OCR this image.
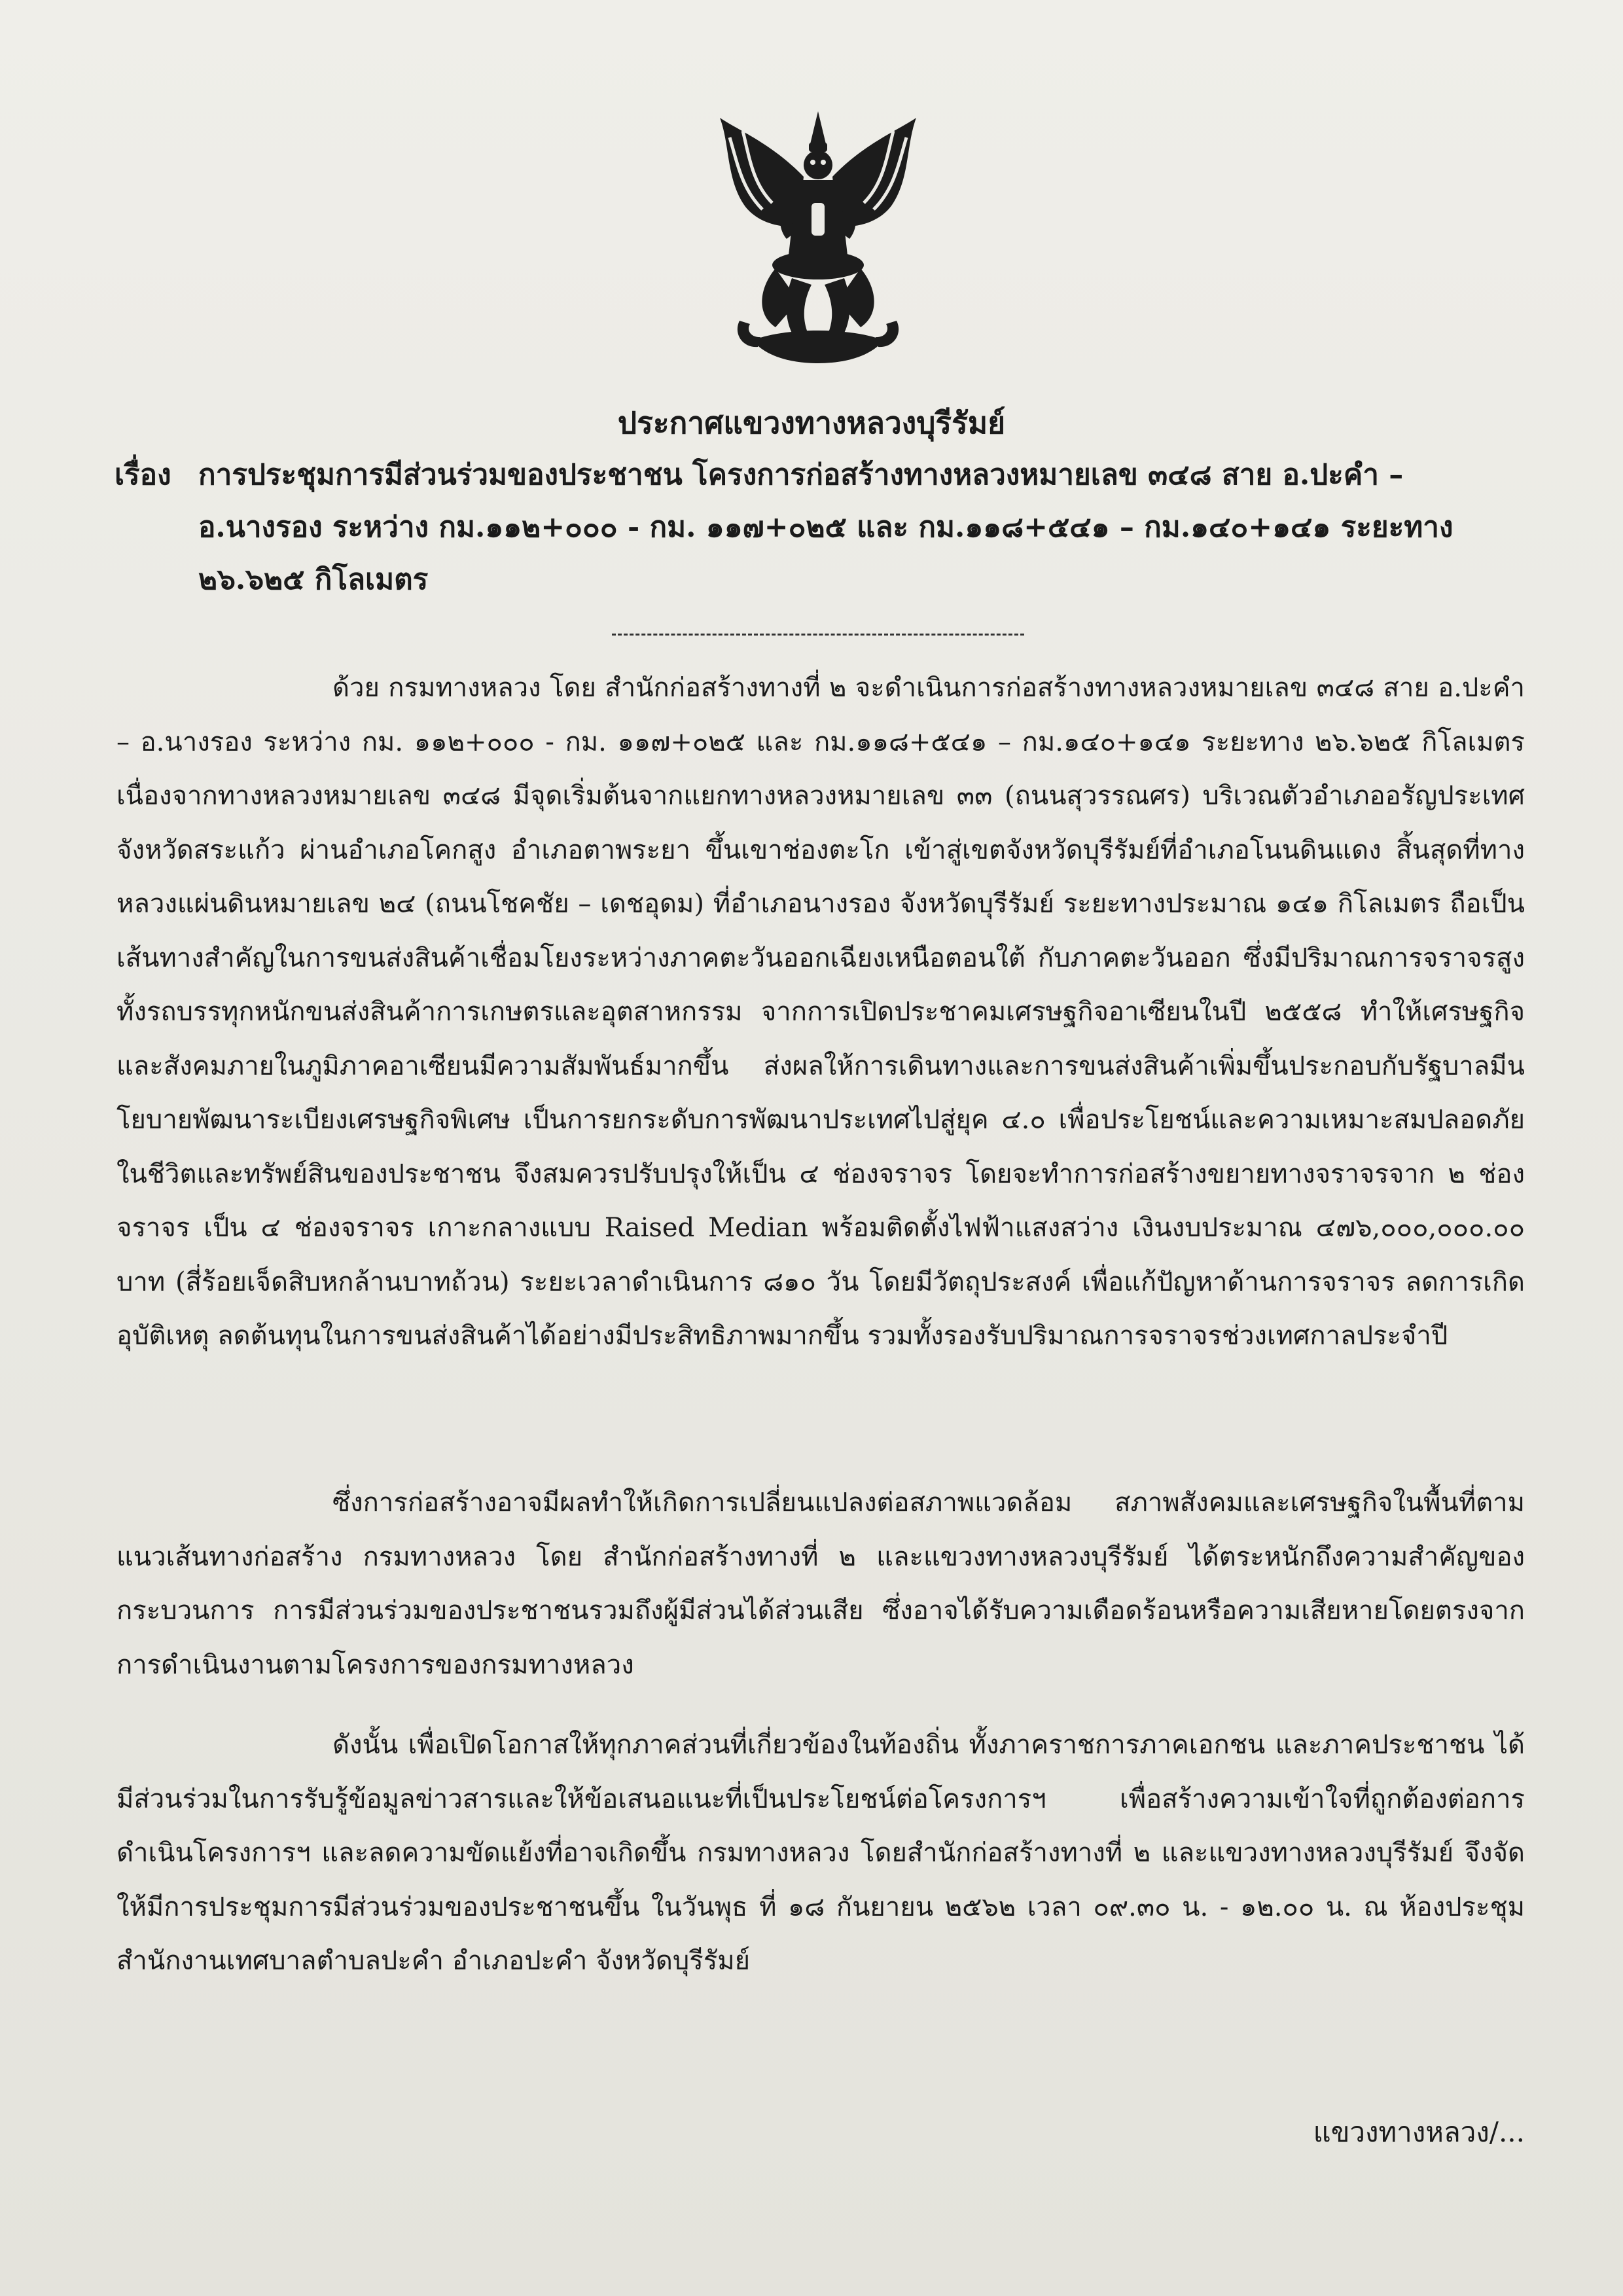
ประกาศแขวงทางหลวงบุรีรัมย์
เรื่อง การประชุมการมีส่วนร่วมของประชาชน โครงการก่อสร้างทางหลวงหมายเลข ๓๔๘ สาย อ.ปะคำ – อ.นางรอง ระหว่าง กม.๑๑๒+๐๐๐ - กม. ๑๑๗+๐๒๕ และ กม.๑๑๘+๕๔๑ – กม.๑๔๐+๑๔๑ ระยะทาง ๒๖.๖๒๕ กิโลเมตร
ด้วย กรมทางหลวง โดย สำนักก่อสร้างทางที่ ๒ จะดำเนินการก่อสร้างทางหลวงหมายเลข ๓๔๘ สาย อ.ปะคำ – อ.นางรอง ระหว่าง กม. ๑๑๒+๐๐๐ - กม. ๑๑๗+๐๒๕ และ กม.๑๑๘+๕๔๑ – กม.๑๔๐+๑๔๑ ระยะทาง ๒๖.๖๒๕ กิโลเมตร เนื่องจากทางหลวงหมายเลข ๓๔๘ มีจุดเริ่มต้นจากแยกทางหลวงหมายเลข ๓๓ (ถนนสุวรรณศร) บริเวณตัวอำเภออรัญประเทศ จังหวัดสระแก้ว ผ่านอำเภอโคกสูง อำเภอตาพระยา ขึ้นเขาช่องตะโก เข้าสู่เขตจังหวัดบุรีรัมย์ที่อำเภอโนนดินแดง สิ้นสุดที่ทางหลวงแผ่นดินหมายเลข ๒๔ (ถนนโชคชัย – เดชอุดม) ที่อำเภอนางรอง จังหวัดบุรีรัมย์ ระยะทางประมาณ ๑๔๑ กิโลเมตร ถือเป็นเส้นทางสำคัญในการขนส่งสินค้าเชื่อมโยงระหว่างภาคตะวันออกเฉียงเหนือตอนใต้ กับภาคตะวันออก ซึ่งมีปริมาณการจราจรสูง ทั้งรถบรรทุกหนักขนส่งสินค้าการเกษตรและอุตสาหกรรม จากการเปิดประชาคมเศรษฐกิจอาเซียนในปี ๒๕๕๘ ทำให้เศรษฐกิจและสังคมภายในภูมิภาคอาเซียนมีความสัมพันธ์มากขึ้น ส่งผลให้การเดินทางและการขนส่งสินค้าเพิ่มขึ้นประกอบกับรัฐบาลมีนโยบายพัฒนาระเบียงเศรษฐกิจพิเศษ เป็นการยกระดับการพัฒนาประเทศไปสู่ยุค ๔.๐ เพื่อประโยชน์และความเหมาะสมปลอดภัยในชีวิตและทรัพย์สินของประชาชน จึงสมควรปรับปรุงให้เป็น ๔ ช่องจราจร โดยจะทำการก่อสร้างขยายทางจราจรจาก ๒ ช่องจราจร เป็น ๔ ช่องจราจร เกาะกลางแบบ Raised Median พร้อมติดตั้งไฟฟ้าแสงสว่าง เงินงบประมาณ ๔๗๖,๐๐๐,๐๐๐.๐๐ บาท (สี่ร้อยเจ็ดสิบหกล้านบาทถ้วน) ระยะเวลาดำเนินการ ๘๑๐ วัน โดยมีวัตถุประสงค์ เพื่อแก้ปัญหาด้านการจราจร ลดการเกิดอุบัติเหตุ ลดต้นทุนในการขนส่งสินค้าได้อย่างมีประสิทธิภาพมากขึ้น รวมทั้งรองรับปริมาณการจราจรช่วงเทศกาลประจำปี
ซึ่งการก่อสร้างอาจมีผลทำให้เกิดการเปลี่ยนแปลงต่อสภาพแวดล้อม สภาพสังคมและเศรษฐกิจในพื้นที่ตามแนวเส้นทางก่อสร้าง กรมทางหลวง โดย สำนักก่อสร้างทางที่ ๒ และแขวงทางหลวงบุรีรัมย์ ได้ตระหนักถึงความสำคัญของกระบวนการ การมีส่วนร่วมของประชาชนรวมถึงผู้มีส่วนได้ส่วนเสีย ซึ่งอาจได้รับความเดือดร้อนหรือความเสียหายโดยตรงจากการดำเนินงานตามโครงการของกรมทางหลวง
ดังนั้น เพื่อเปิดโอกาสให้ทุกภาคส่วนที่เกี่ยวข้องในท้องถิ่น ทั้งภาคราชการภาคเอกชน และภาคประชาชน ได้มีส่วนร่วมในการรับรู้ข้อมูลข่าวสารและให้ข้อเสนอแนะที่เป็นประโยชน์ต่อโครงการฯ เพื่อสร้างความเข้าใจที่ถูกต้องต่อการดำเนินโครงการฯ และลดความขัดแย้งที่อาจเกิดขึ้น กรมทางหลวง โดยสำนักก่อสร้างทางที่ ๒ และแขวงทางหลวงบุรีรัมย์ จึงจัดให้มีการประชุมการมีส่วนร่วมของประชาชนขึ้น ในวันพุธ ที่ ๑๘ กันยายน ๒๕๖๒ เวลา ๐๙.๓๐ น. - ๑๒.๐๐ น. ณ ห้องประชุมสำนักงานเทศบาลตำบลปะคำ อำเภอปะคำ จังหวัดบุรีรัมย์
แขวงทางหลวง/...
